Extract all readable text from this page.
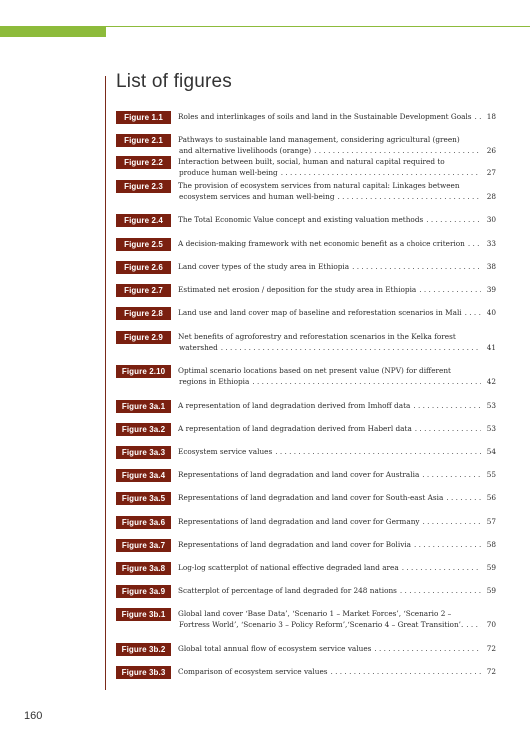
List of figures
Figure 1.1	Roles and interlinkages of soils and land in the Sustainable Development Goals . . .	18
Figure 2.1	Pathways to sustainable land management, considering agricultural (green)
and alternative livelihoods (orange) . . .	26
Figure 2.2	Interaction between built, social, human and natural capital required to
produce human well-being . . .	27
Figure 2.3	The provision of ecosystem services from natural capital: Linkages between
ecosystem services and human well-being . . .	28
Figure 2.4	The Total Economic Value concept and existing valuation methods . . .	30
Figure 2.5	A decision-making framework with net economic benefit as a choice criterion . . .	33
Figure 2.6	Land cover types of the study area in Ethiopia . . .	38
Figure 2.7	Estimated net erosion / deposition for the study area in Ethiopia . . .	39
Figure 2.8	Land use and land cover map of baseline and reforestation scenarios in Mali . . .	40
Figure 2.9	Net benefits of agroforestry and reforestation scenarios in the Kelka forest
watershed . . .	41
Figure 2.10	Optimal scenario locations based on net present value (NPV) for different
regions in Ethiopia . . .	42
Figure 3a.1	A representation of land degradation derived from Imhoff data . . .	53
Figure 3a.2	A representation of land degradation derived from Haberl data . . .	53
Figure 3a.3	Ecosystem service values . . .	54
Figure 3a.4	Representations of land degradation and land cover for Australia . . .	55
Figure 3a.5	Representations of land degradation and land cover for South-east Asia . . .	56
Figure 3a.6	Representations of land degradation and land cover for Germany . . .	57
Figure 3a.7	Representations of land degradation and land cover for Bolivia . . .	58
Figure 3a.8	Log-log scatterplot of national effective degraded land area . . .	59
Figure 3a.9	Scatterplot of percentage of land degraded for 248 nations . . .	59
Figure 3b.1	Global land cover ‘Base Data’, ‘Scenario 1 – Market Forces’, ‘Scenario 2 –
Fortress World’, ‘Scenario 3 – Policy Reform’,‘Scenario 4 – Great Transition’. . . .	70
Figure 3b.2	Global total annual flow of ecosystem service values . . .	72
Figure 3b.3	Comparison of ecosystem service values . . .	72
160
